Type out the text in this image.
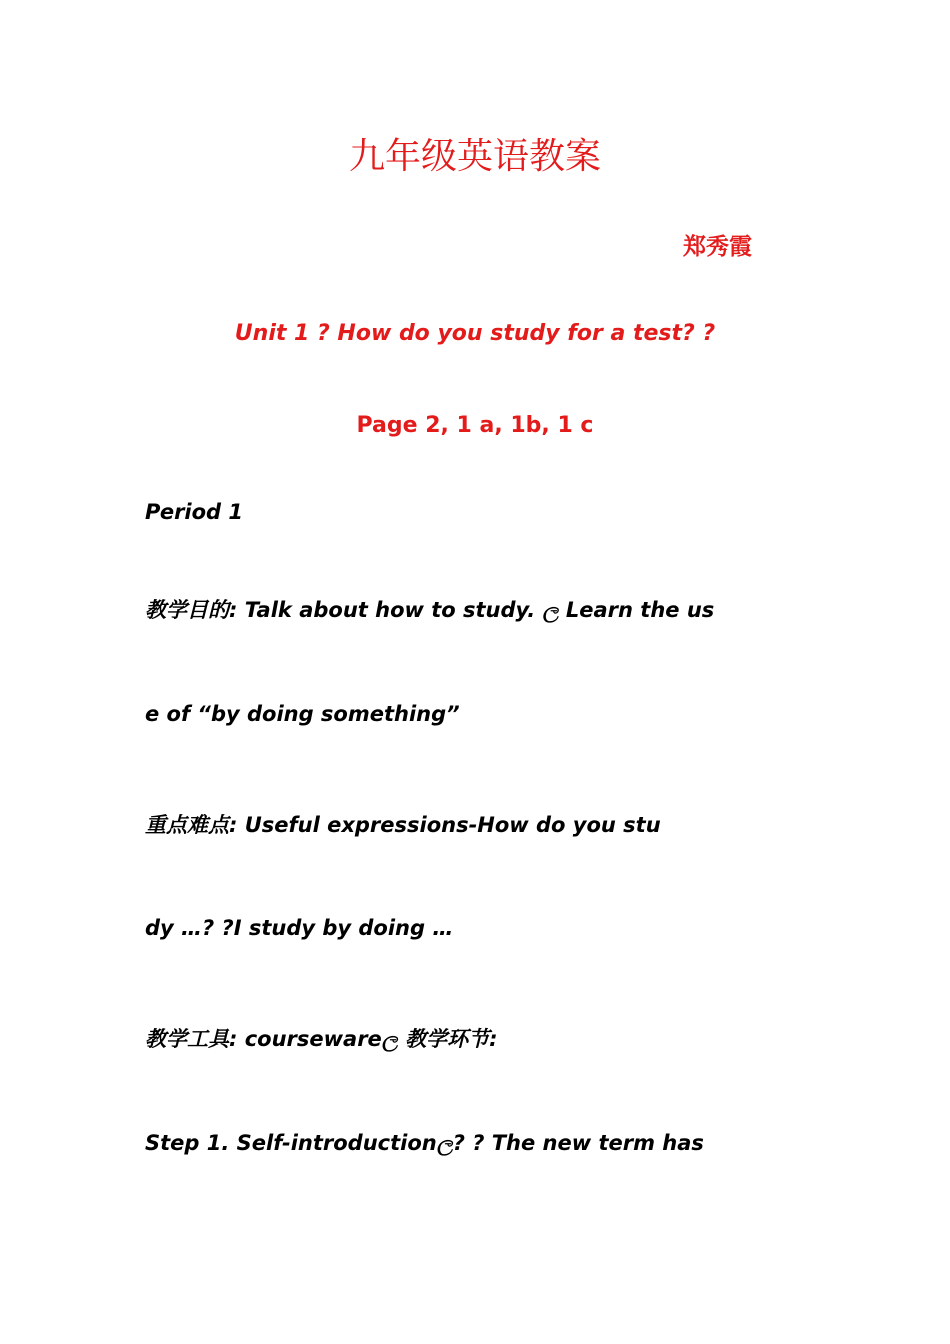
九年级英语教案
郑秀霞
Unit 1 ? How do you study for a test? ?
Page 2, 1 a, 1b, 1 c
Period 1
教学目的: Talk about how to study. ල Learn the us
e of “by doing something”
重点难点: Useful expressions-How do you stu
dy …? ?I study by doing …
教学工具: coursewareල 教学环节:
Step 1. Self-introductionල? ? The new term has
